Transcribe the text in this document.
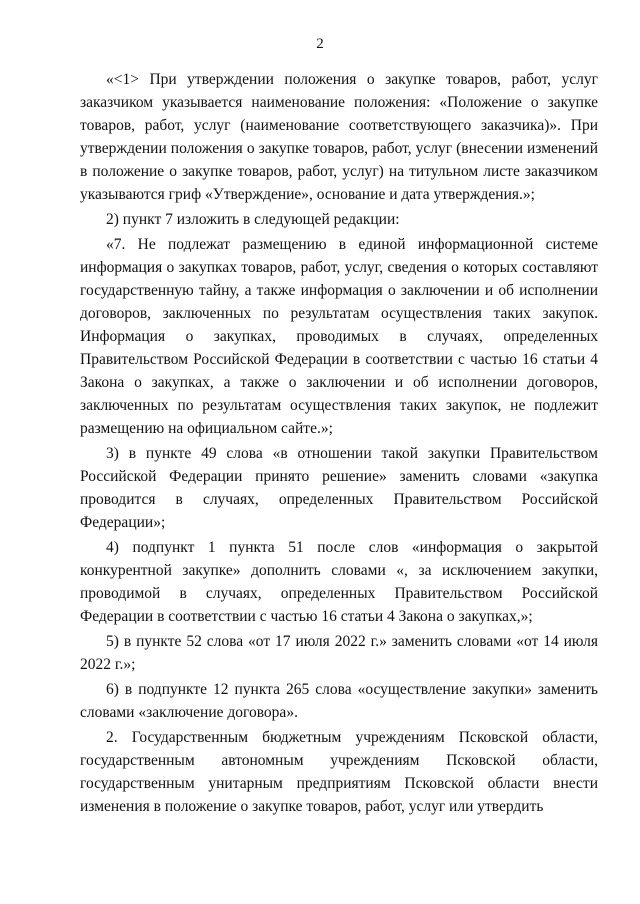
2

«<1> При утверждении положения о закупке товаров, работ, услуг заказчиком указывается наименование положения: «Положение о закупке товаров, работ, услуг (наименование соответствующего заказчика)». При утверждении положения о закупке товаров, работ, услуг (внесении изменений в положение о закупке товаров, работ, услуг) на титульном листе заказчиком указываются гриф «Утверждение», основание и дата утверждения.»;

2) пункт 7 изложить в следующей редакции:

«7. Не подлежат размещению в единой информационной системе информация о закупках товаров, работ, услуг, сведения о которых составляют государственную тайну, а также информация о заключении и об исполнении договоров, заключенных по результатам осуществления таких закупок. Информация о закупках, проводимых в случаях, определенных Правительством Российской Федерации в соответствии с частью 16 статьи 4 Закона о закупках, а также о заключении и об исполнении договоров, заключенных по результатам осуществления таких закупок, не подлежит размещению на официальном сайте.»;

3) в пункте 49 слова «в отношении такой закупки Правительством Российской Федерации принято решение» заменить словами «закупка проводится в случаях, определенных Правительством Российской Федерации»;

4) подпункт 1 пункта 51 после слов «информация о закрытой конкурентной закупке» дополнить словами «, за исключением закупки, проводимой в случаях, определенных Правительством Российской Федерации в соответствии с частью 16 статьи 4 Закона о закупках,»;

5) в пункте 52 слова «от 17 июля 2022 г.» заменить словами «от 14 июля 2022 г.»;

6) в подпункте 12 пункта 265 слова «осуществление закупки» заменить словами «заключение договора».

2. Государственным бюджетным учреждениям Псковской области, государственным автономным учреждениям Псковской области, государственным унитарным предприятиям Псковской области внести изменения в положение о закупке товаров, работ, услуг или утвердить
